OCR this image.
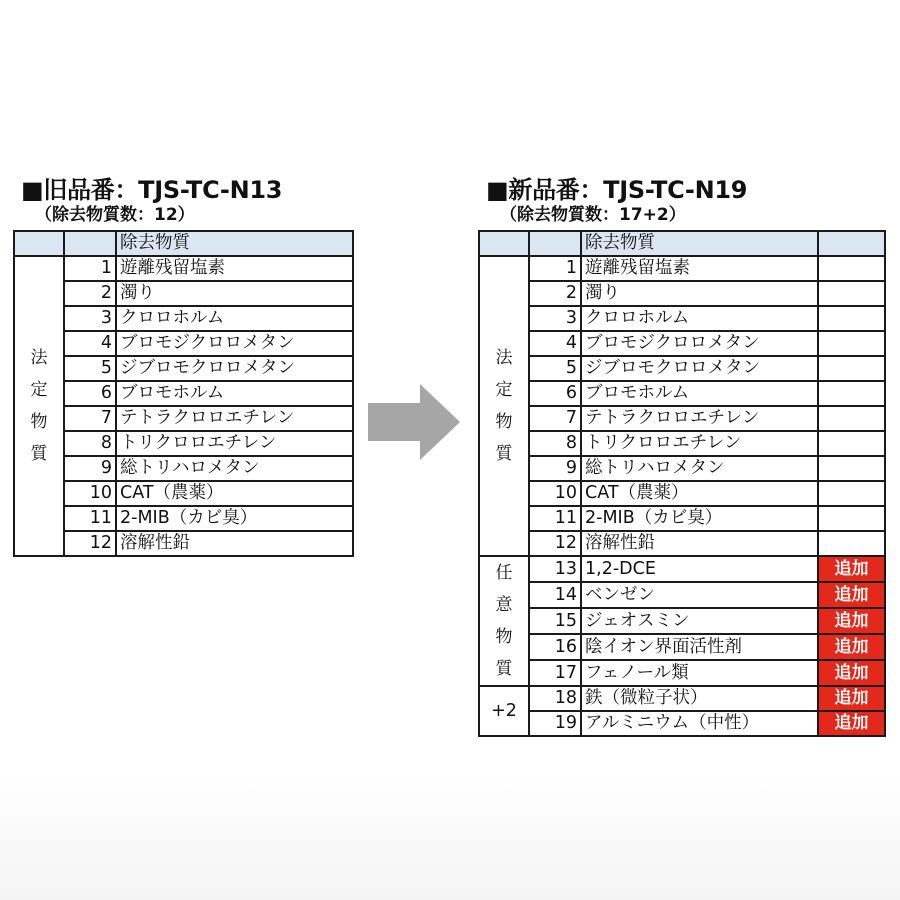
■旧品番：TJS-TC-N13
（除去物質数：12）
		除去物質

法
定
物
質	1	遊離残留塩素
	2	濁り
	3	クロロホルム
	4	ブロモジクロロメタン
	5	ジブロモクロロメタン
	6	ブロモホルム
	7	テトラクロロエチレン
	8	トリクロロエチレン
	9	総トリハロメタン
	10	CAT（農薬）
	11	2-MIB（カビ臭）
	12	溶解性鉛
■新品番：TJS-TC-N19
（除去物質数：17+2）
		除去物質	

法
定
物
質	1	遊離残留塩素	
	2	濁り	
	3	クロロホルム	
	4	ブロモジクロロメタン	
	5	ジブロモクロロメタン	
	6	ブロモホルム	
	7	テトラクロロエチレン	
	8	トリクロロエチレン	
	9	総トリハロメタン	
	10	CAT（農薬）	
	11	2-MIB（カビ臭）	
	12	溶解性鉛	

任
意
物
質	13	1,2-DCE	追加
	14	ベンゼン	追加
	15	ジェオスミン	追加
	16	陰イオン界面活性剤	追加
	17	フェノール類	追加
+2	18	鉄（微粒子状）	追加
	19	アルミニウム（中性）	追加
